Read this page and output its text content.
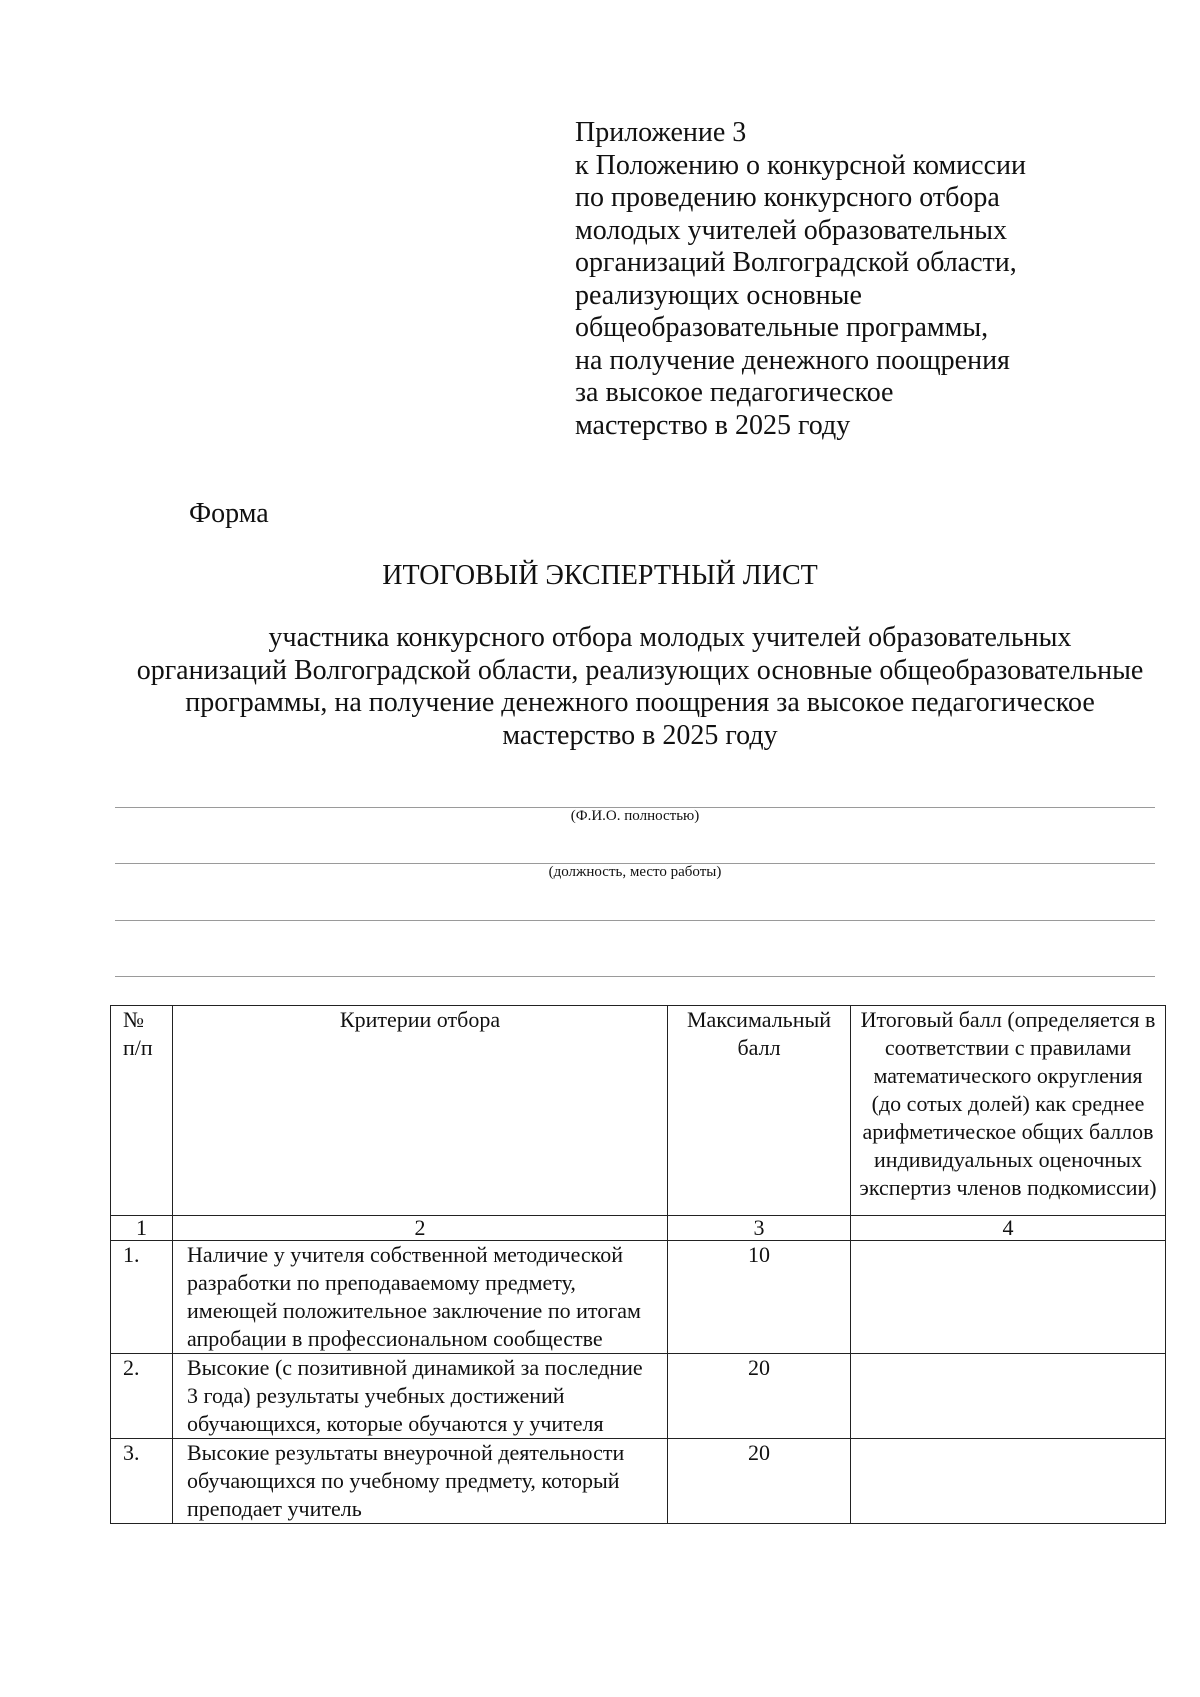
Приложение 3
к Положению о конкурсной комиссии
по проведению конкурсного отбора
молодых учителей образовательных
организаций Волгоградской области,
реализующих основные
общеобразовательные программы,
на получение денежного поощрения
за высокое педагогическое
мастерство в 2025 году
Форма
ИТОГОВЫЙ ЭКСПЕРТНЫЙ ЛИСТ
участника конкурсного отбора молодых учителей образовательных
организаций Волгоградской области, реализующих основные общеобразовательные
программы, на получение денежного поощрения за высокое педагогическое
мастерство в 2025 году
(Ф.И.О. полностью)
(должность, место работы)
№ п/п	Критерии отбора	Максимальный балл	Итоговый балл (определяется в соответствии с правилами математического округления (до сотых долей) как среднее арифметическое общих баллов индивидуальных оценочных экспертиз членов подкомиссии)
1	2	3	4
1.	Наличие у учителя собственной методической разработки по преподаваемому предмету, имеющей положительное заключение по итогам апробации в профессиональном сообществе	10	
2.	Высокие (с позитивной динамикой за последние 3 года) результаты учебных достижений обучающихся, которые обучаются у учителя	20	
3.	Высокие результаты внеурочной деятельности обучающихся по учебному предмету, который преподает учитель	20	
